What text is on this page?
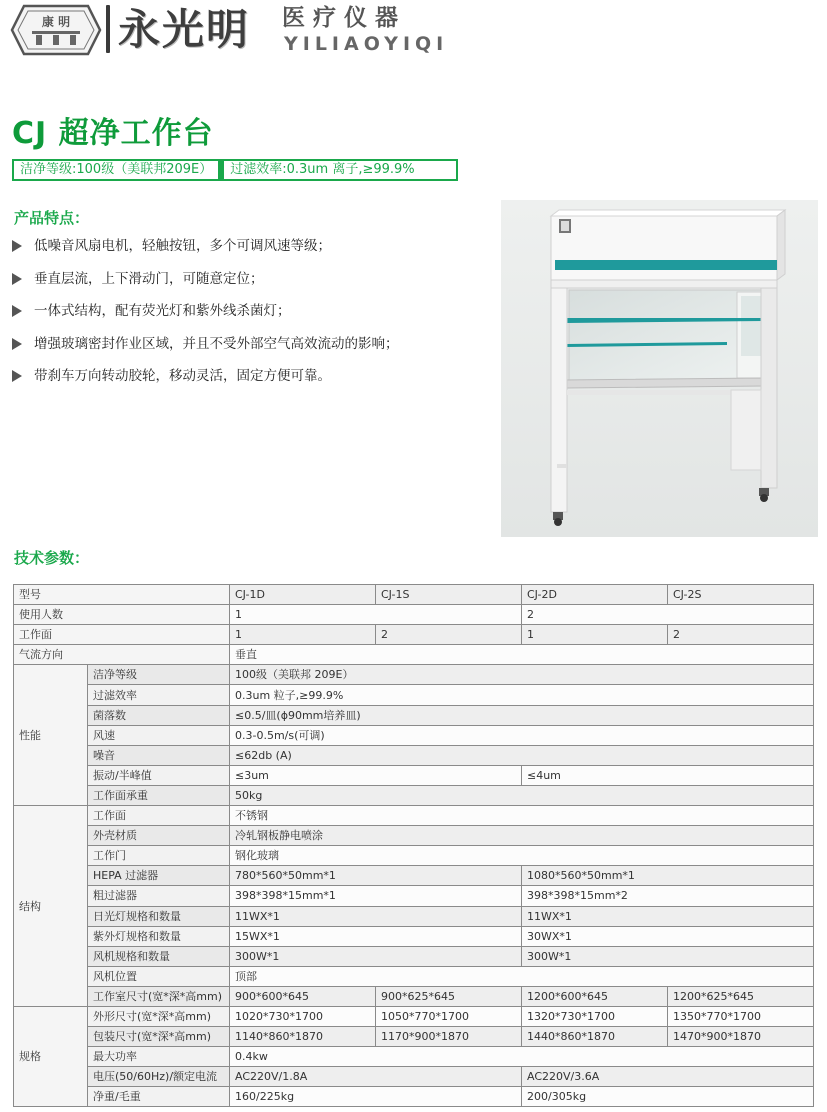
康 明 永光明 医疗仪器
YILIAOYIQI
CJ 超净工作台
洁净等级:100级（美联邦209E）	过滤效率:0.3um 离子,≥99.9%
产品特点：
低噪音风扇电机，轻触按钮，多个可调风速等级；
垂直层流，上下滑动门，可随意定位；
一体式结构，配有荧光灯和紫外线杀菌灯；
增强玻璃密封作业区域，并且不受外部空气高效流动的影响；
带刹车万向转动胶轮，移动灵活，固定方便可靠。
技术参数：
型号		CJ-1D	CJ-1S	CJ-2D	CJ-2S
使用人数		1		2	
工作面		1	2	1	2
气流方向		垂直			
性能	洁净等级	100级（美联邦 209E）			
	过滤效率	0.3um 粒子,≥99.9%			
	菌落数	≤0.5/皿(ϕ90mm培养皿)			
	风速	0.3-0.5m/s(可调)			
	噪音	≤62db (A)			
	振动/半峰值	≤3um		≤4um	
	工作面承重	50kg			
结构	工作面	不锈钢			
	外壳材质	冷轧钢板静电喷涂			
	工作门	钢化玻璃			
	HEPA 过滤器	780*560*50mm*1		1080*560*50mm*1	
	粗过滤器	398*398*15mm*1		398*398*15mm*2	
	日光灯规格和数量	11WX*1		11WX*1	
	紫外灯规格和数量	15WX*1		30WX*1	
	风机规格和数量	300W*1		300W*1	
	风机位置	顶部			
	工作室尺寸(宽*深*高mm)	900*600*645	900*625*645	1200*600*645	1200*625*645
规格	外形尺寸(宽*深*高mm)	1020*730*1700	1050*770*1700	1320*730*1700	1350*770*1700
	包装尺寸(宽*深*高mm)	1140*860*1870	1170*900*1870	1440*860*1870	1470*900*1870
	最大功率	0.4kw			
	电压(50/60Hz)/额定电流	AC220V/1.8A		AC220V/3.6A	
	净重/毛重	160/225kg		200/305kg	
